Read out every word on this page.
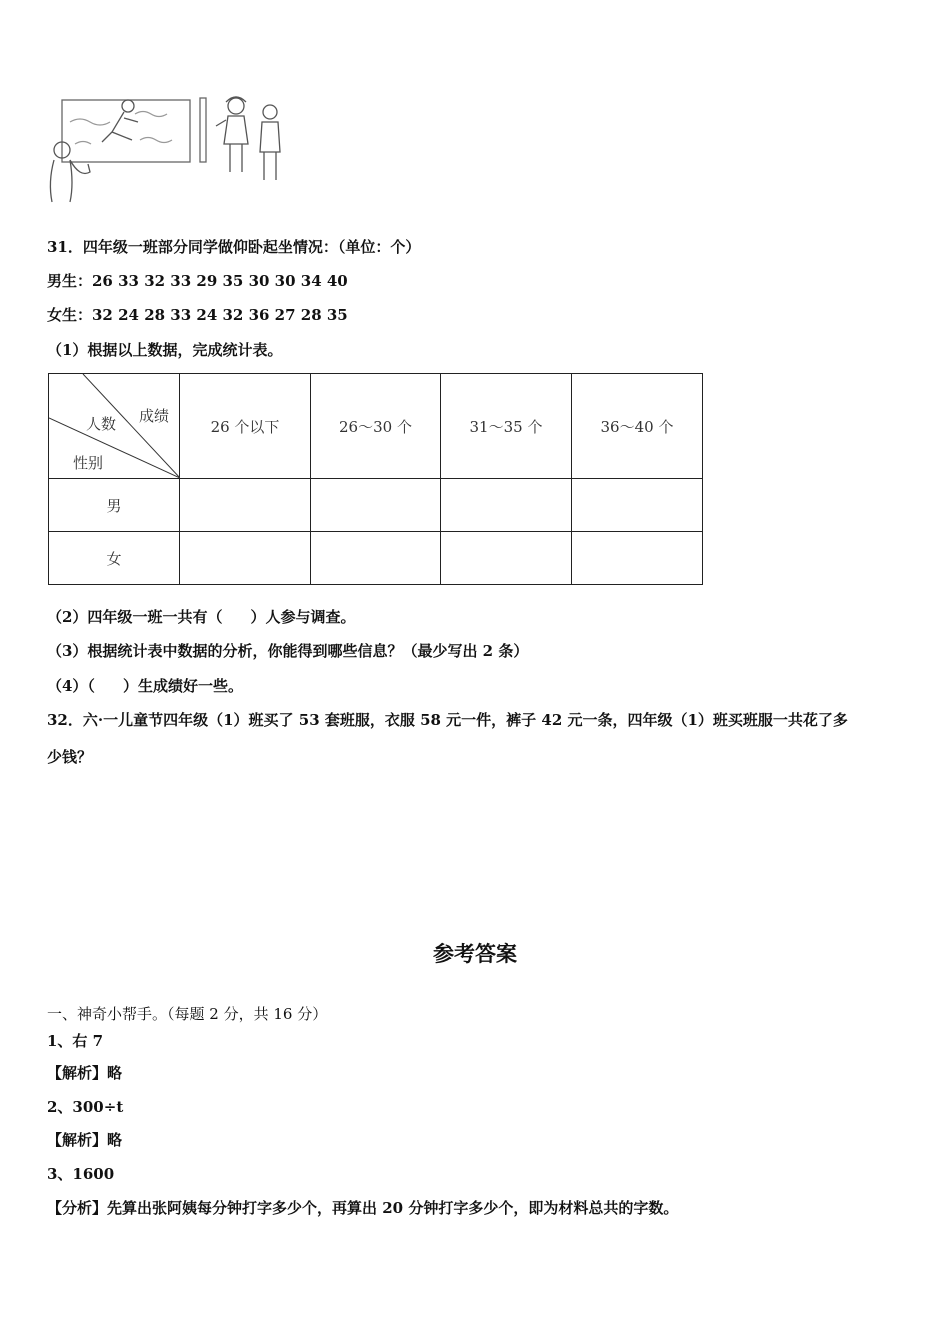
31．四年级一班部分同学做仰卧起坐情况：（单位：个）
男生：26 33 32 33 29 35 30 30 34 40
女生：32 24 28 33 24 32 36 27 28 35
（1）根据以上数据，完成统计表。
成绩
人数
性别	26 个以下	26～30 个	31～35 个	36～40 个
男				
女				
（2）四年级一班一共有（ ）人参与调查。
（3）根据统计表中数据的分析，你能得到哪些信息？（最少写出 2 条）
（4）（ ）生成绩好一些。
32．六·一儿童节四年级（1）班买了 53 套班服，衣服 58 元一件，裤子 42 元一条，四年级（1）班买班服一共花了多
少钱？
参考答案
一、神奇小帮手。（每题 2 分，共 16 分）
1、右 7
【解析】略
2、300÷t
【解析】略
3、1600
【分析】先算出张阿姨每分钟打字多少个，再算出 20 分钟打字多少个，即为材料总共的字数。
